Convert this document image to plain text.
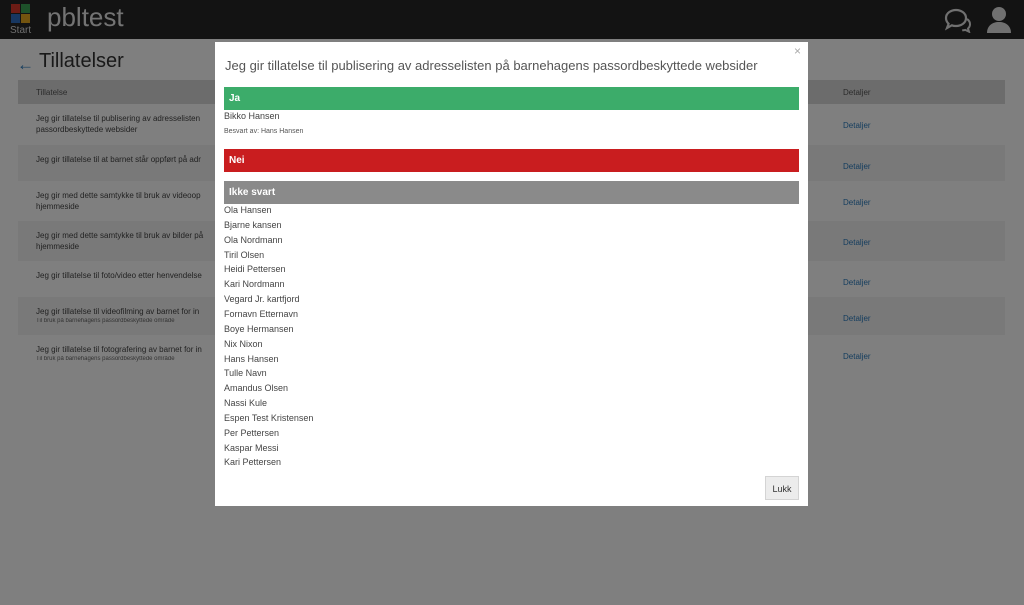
×
Jeg gir tillatelse til publisering av adresselisten på barnehagens passordbeskyttede websider
Ja
Bikko Hansen
Besvart av: Hans Hansen
Nei
Ikke svart
Ola Hansen
Bjarne kansen
Ola Nordmann
Tiril Olsen
Heidi Pettersen
Kari Nordmann
Vegard Jr. kartfjord
Fornavn Etternavn
Boye Hermansen
Nix Nixon
Hans Hansen
Tulle Navn
Amandus Olsen
Nassi Kule
Espen Test Kristensen
Per Pettersen
Kaspar Messi
Kari Pettersen
Lukk
